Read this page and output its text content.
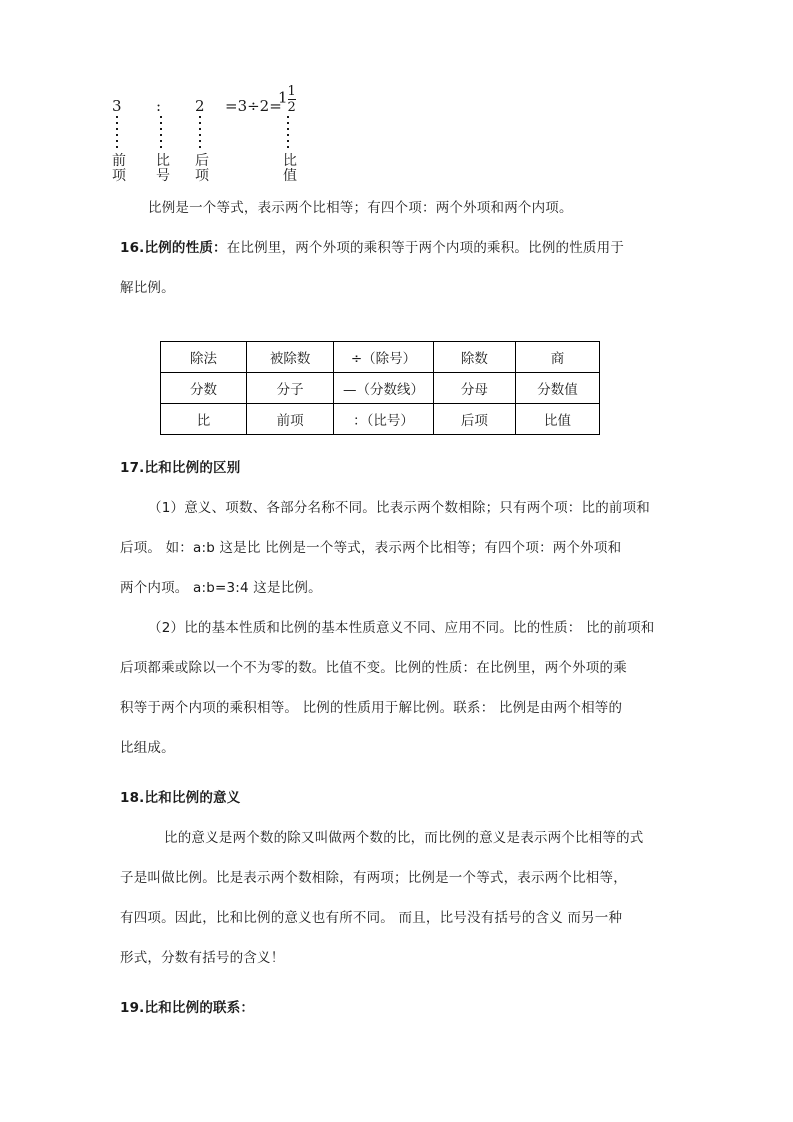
3
前项
:
比号
2
后项

比值
=3÷2=
$1 \frac{1}{2}$
比例是一个等式，表示两个比相等；有四个项：两个外项和两个内项。
16.比例的性质：在比例里，两个外项的乘积等于两个内项的乘积。比例的性质用于
解比例。
除法	被除数	÷（除号）	除数	商
分数	分子	—（分数线）	分母	分数值
比	前项	：（比号）	后项	比值
17.比和比例的区别
（1）意义、项数、各部分名称不同。比表示两个数相除；只有两个项：比的前项和
后项。 如：a:b 这是比 比例是一个等式，表示两个比相等；有四个项：两个外项和
两个内项。 a:b=3:4 这是比例。
（2）比的基本性质和比例的基本性质意义不同、应用不同。比的性质： 比的前项和
后项都乘或除以一个不为零的数。比值不变。比例的性质：在比例里，两个外项的乘
积等于两个内项的乘积相等。 比例的性质用于解比例。联系： 比例是由两个相等的
比组成。
18.比和比例的意义
比的意义是两个数的除又叫做两个数的比，而比例的意义是表示两个比相等的式
子是叫做比例。比是表示两个数相除，有两项；比例是一个等式，表示两个比相等，
有四项。因此，比和比例的意义也有所不同。 而且，比号没有括号的含义 而另一种
形式，分数有括号的含义！
19.比和比例的联系：
